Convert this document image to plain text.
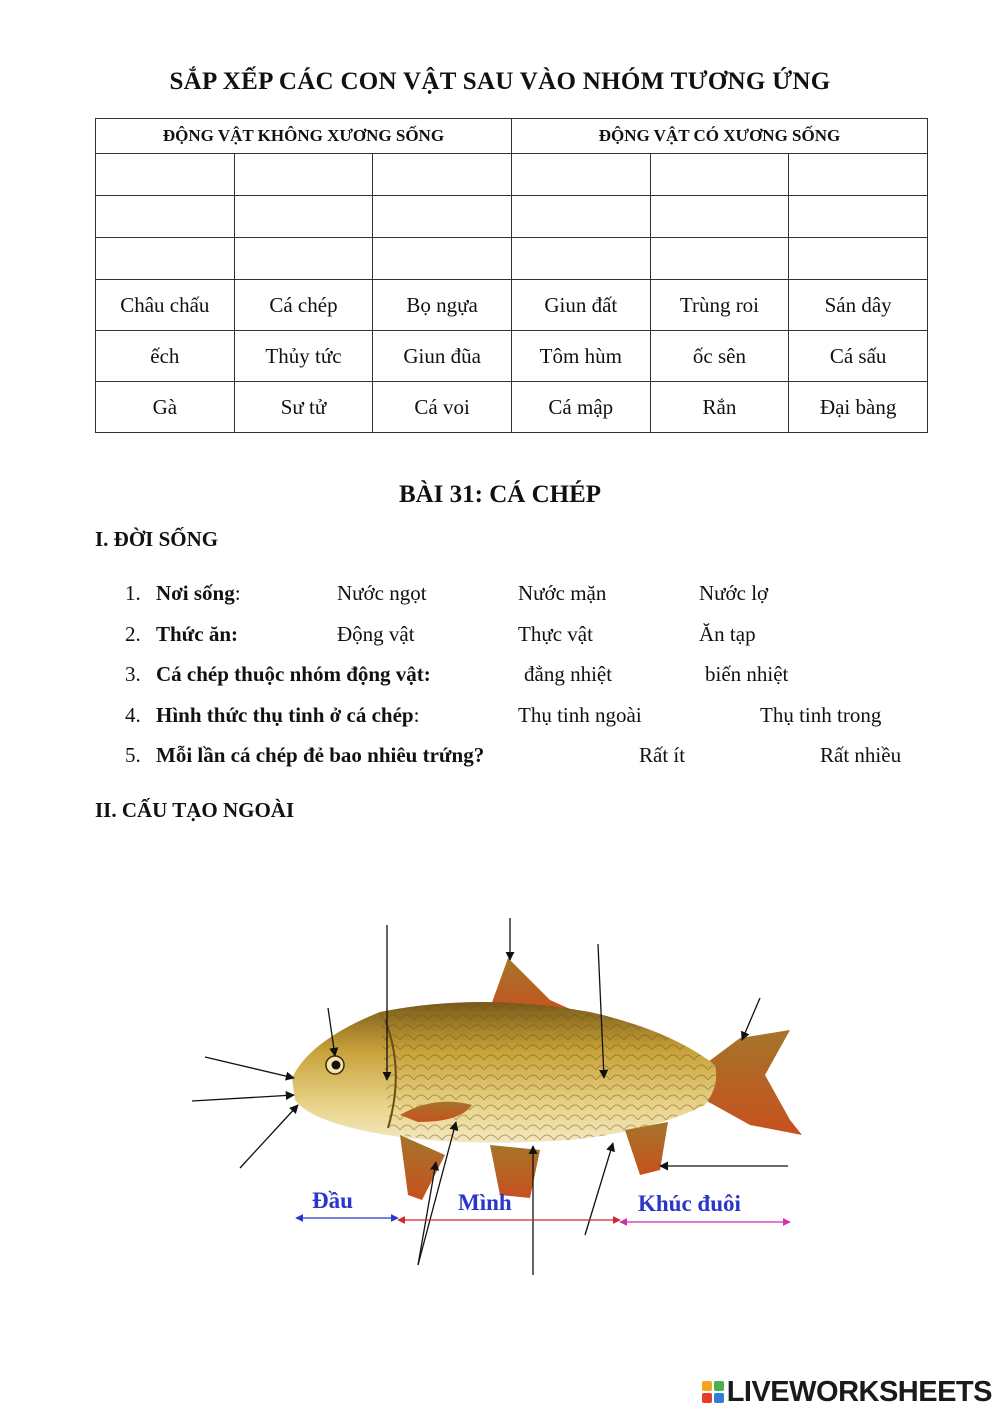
SẮP XẾP CÁC CON VẬT SAU VÀO NHÓM TƯƠNG ỨNG
ĐỘNG VẬT KHÔNG XƯƠNG SỐNG			ĐỘNG VẬT CÓ XƯƠNG SỐNG		

Châu chấu	Cá chép	Bọ ngựa	Giun đất	Trùng roi	Sán dây
ếch	Thủy tức	Giun đũa	Tôm hùm	ốc sên	Cá sấu
Gà	Sư tử	Cá voi	Cá mập	Rắn	Đại bàng
BÀI 31: CÁ CHÉP
I. ĐỜI SỐNG
1. Nơi sống:	Nước ngọt	Nước mặn	Nước lợ
2. Thức ăn:	Động vật	Thực vật	Ăn tạp
3. Cá chép thuộc nhóm động vật:	đẳng nhiệt	biến nhiệt
4. Hình thức thụ tinh ở cá chép:	Thụ tinh ngoài	Thụ tinh trong
5. Mỗi lần cá chép đẻ bao nhiêu trứng?	Rất ít	Rất nhiều
II. CẤU TẠO NGOÀI
Đầu	Mình	Khúc đuôi
LIVEWORKSHEETS
